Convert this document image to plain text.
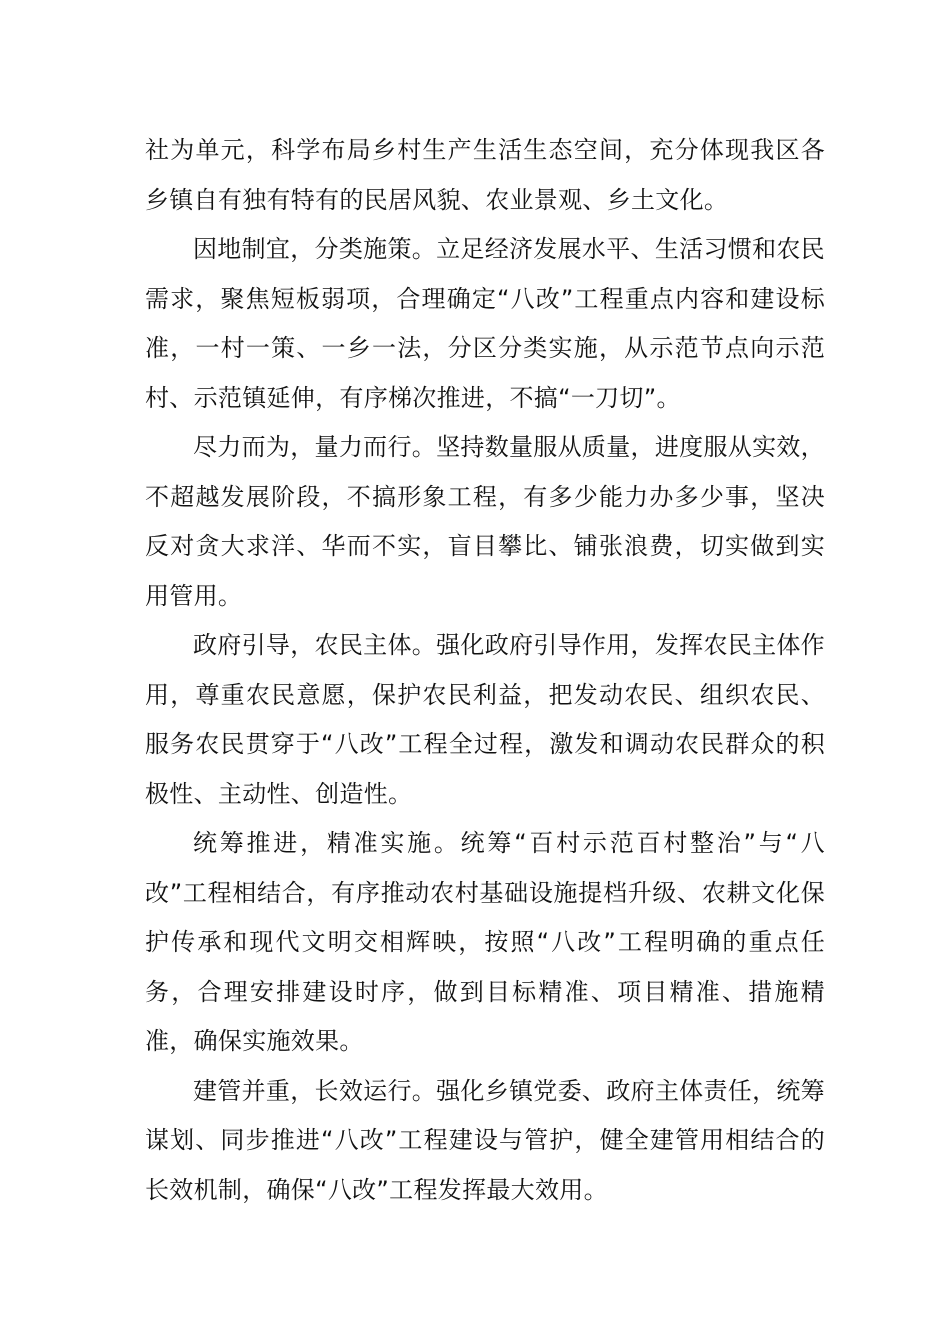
社为单元，科学布局乡村生产生活生态空间，充分体现我区各乡镇自有独有特有的民居风貌、农业景观、乡土文化。

因地制宜，分类施策。立足经济发展水平、生活习惯和农民需求，聚焦短板弱项，合理确定“八改”工程重点内容和建设标准，一村一策、一乡一法，分区分类实施，从示范节点向示范村、示范镇延伸，有序梯次推进，不搞“一刀切”。

尽力而为，量力而行。坚持数量服从质量，进度服从实效，不超越发展阶段，不搞形象工程，有多少能力办多少事，坚决反对贪大求洋、华而不实，盲目攀比、铺张浪费，切实做到实用管用。

政府引导，农民主体。强化政府引导作用，发挥农民主体作用，尊重农民意愿，保护农民利益，把发动农民、组织农民、服务农民贯穿于“八改”工程全过程，激发和调动农民群众的积极性、主动性、创造性。

统筹推进，精准实施。统筹“百村示范百村整治”与“八改”工程相结合，有序推动农村基础设施提档升级、农耕文化保护传承和现代文明交相辉映，按照“八改”工程明确的重点任务，合理安排建设时序，做到目标精准、项目精准、措施精准，确保实施效果。

建管并重，长效运行。强化乡镇党委、政府主体责任，统筹谋划、同步推进“八改”工程建设与管护，健全建管用相结合的长效机制，确保“八改”工程发挥最大效用。
